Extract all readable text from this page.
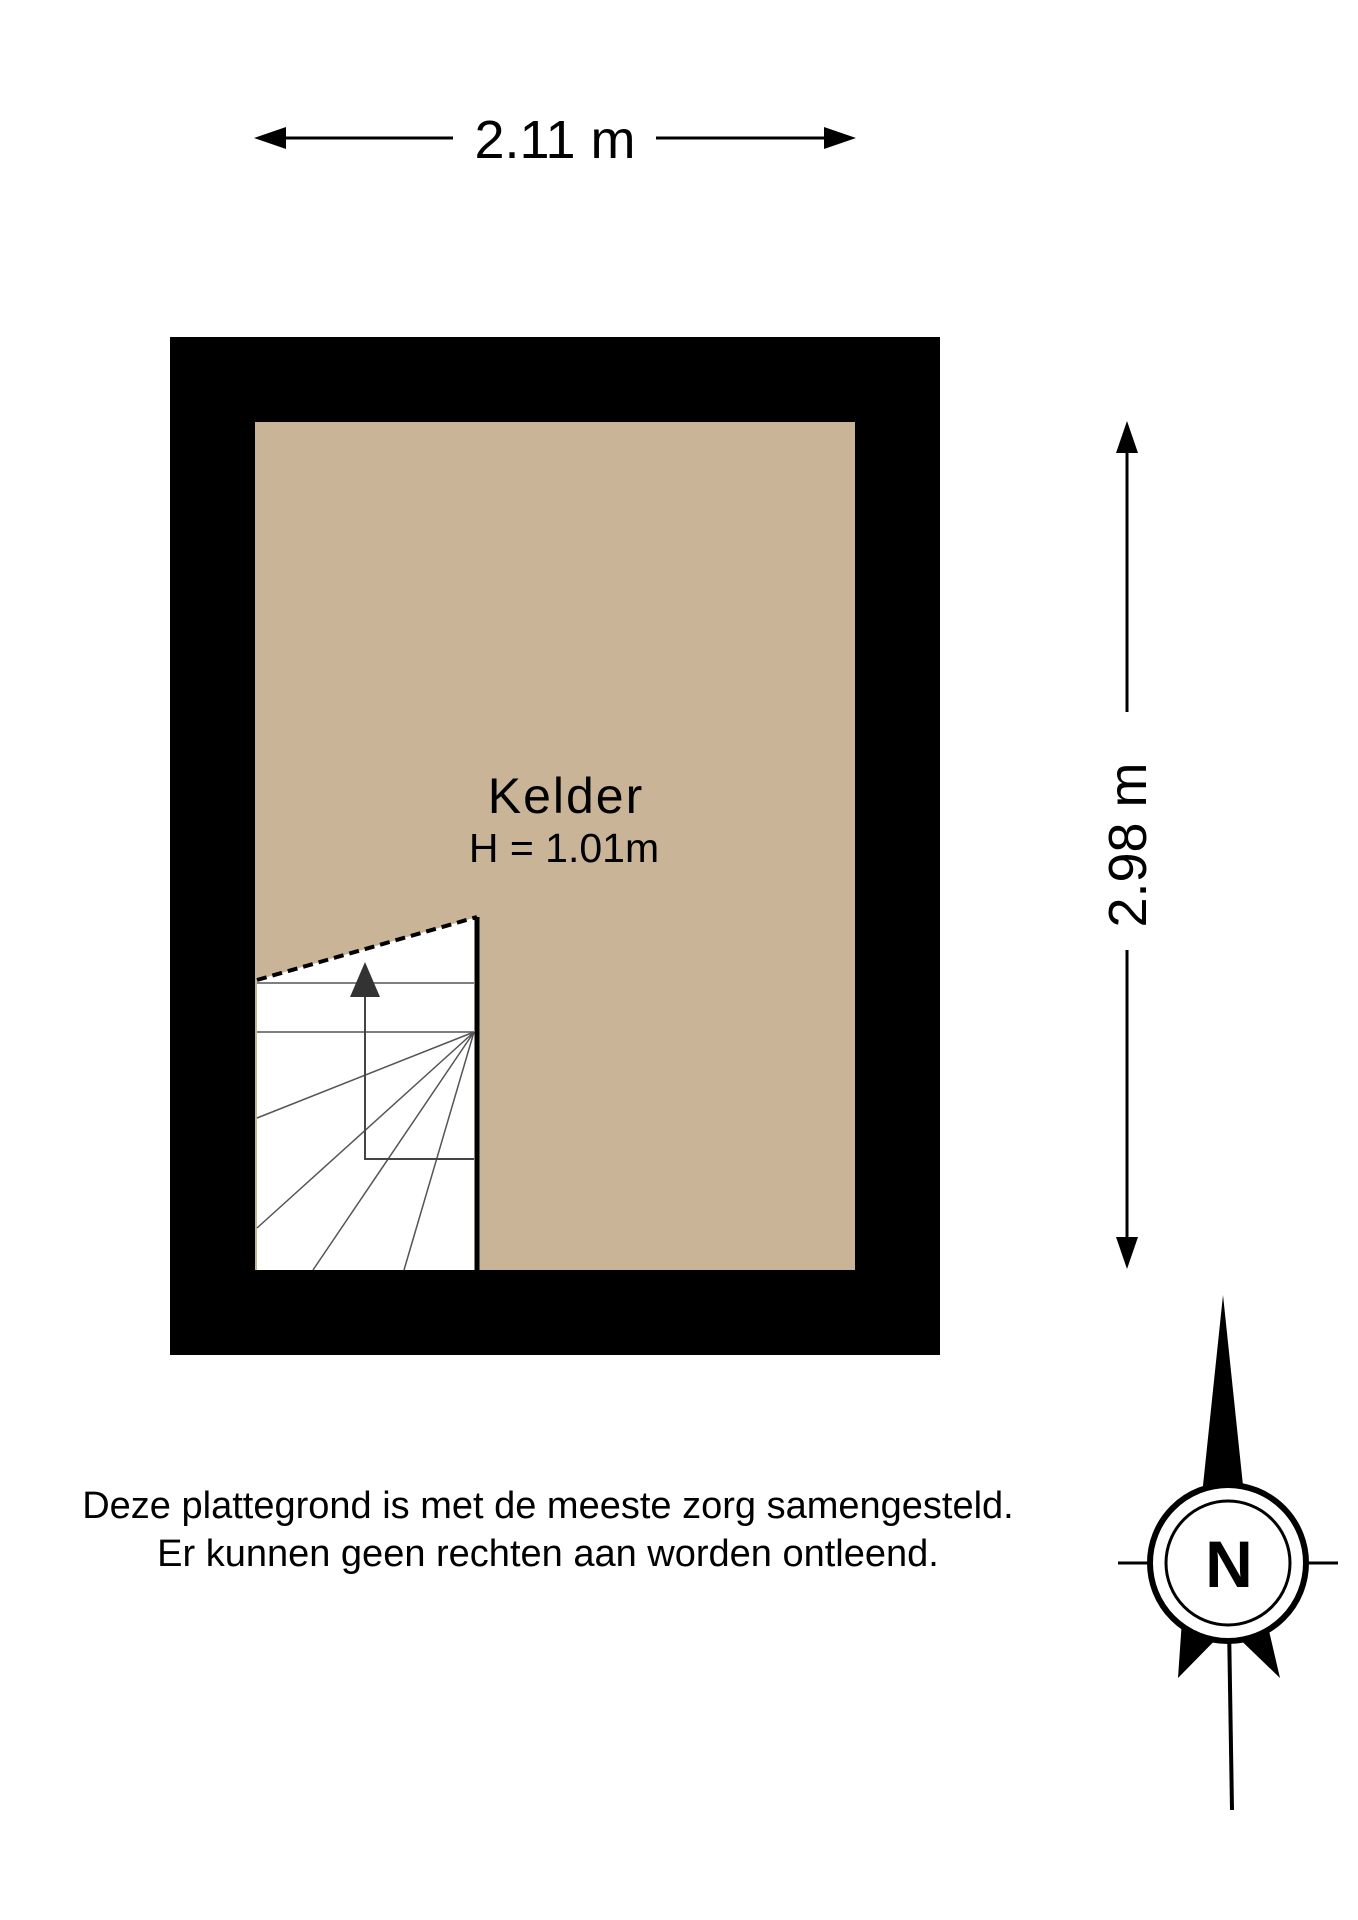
2.11 m
2.98 m
Kelder
H = 1.01m
Deze plattegrond is met de meeste zorg samengesteld.
Er kunnen geen rechten aan worden ontleend.	N
